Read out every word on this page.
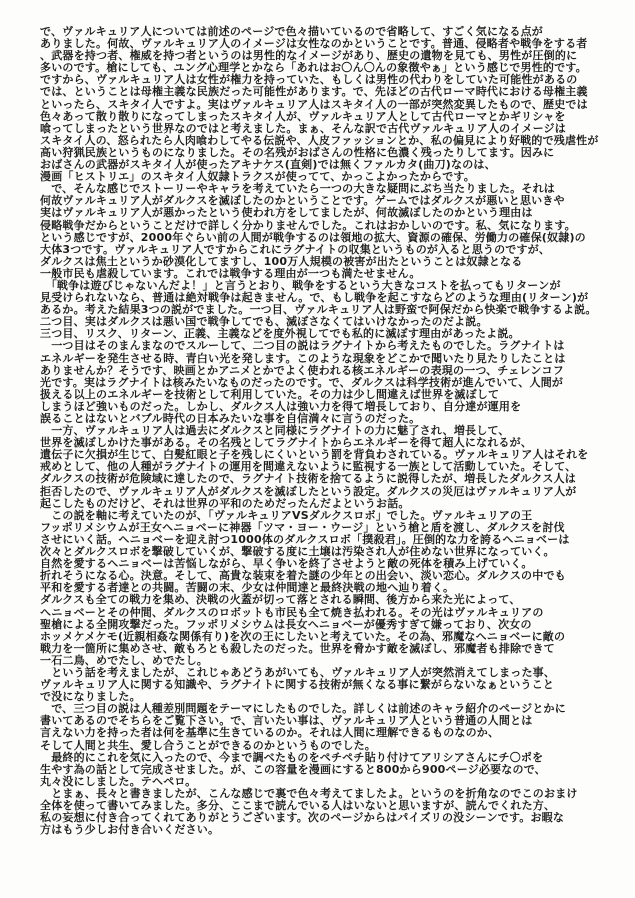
で、ヴァルキュリア人については前述のページで色々描いているので省略して、すごく気になる点が
ありました。何故、ヴァルキュリア人のイメージは女性なのかということです。普通、侵略者や戦争をする者
、武器を持つ者、権威を持つ者というのは男性的なイメージがあり、歴史の遺物を見ても、男性が圧倒的に
多いのです。槍にしても、ユング心理学とかなら「あれはお〇ん〇んの象徴やぁ」という感じで男性的です。
ですから、ヴァルキュリア人は女性が権力を持っていた、もしくは男性の代わりをしていた可能性があるの
では、ということは母権主義な民族だった可能性があります。で、先ほどの古代ローマ時代における母権主義
といったら、スキタイ人ですよ。実はヴァルキュリア人はスキタイ人の一部が突然変異したもので、歴史では
色々あって散り散りになってしまったスキタイ人が、ヴァルキュリア人として古代ローマとかギリシャを
喰ってしまったという世界なのではと考えました。まぁ、そんな訳で古代ヴァルキュリア人のイメージは
スキタイ人の、怒られたら人肉喰わしてやる伝説や、人皮ファッションとか、私の偏見により好戦的で残虐性が
高い狩猟民族というものになりました。その名残がおばさんの性格に色濃く残ったりしてます。因みに
おばさんの武器がスキタイ人が使ったアキナケス(直剣)では無くファルカタ(曲刀)なのは、
漫画「ヒストリエ」のスキタイ人奴隷トラクスが使ってて、かっこよかったからです。
　で、そんな感じでストーリーやキャラを考えていたら一つの大きな疑問にぶち当たりました。それは
何故ヴァルキュリア人がダルクスを滅ぼしたのかということです。ゲームではダルクスが悪いと思いきや
実はヴァルキュリア人が悪かったという使われ方をしてましたが、何故滅ぼしたのかという理由は
侵略戦争だからということだけで詳しく分かりませんでした。これはおかしいのです。私、気になります。
という感じですが、2000年ぐらい前の人間が戦争するのは領地の拡大、資源の確保、労働力の確保(奴隷)の
大体3つです。ヴァルキュリア人ですからこれにラグナイトの収集というものが入ると思うのですが、
ダルクスは焦土というか砂漠化してますし、100万人規模の被害が出たということは奴隷となる
一般市民も虐殺しています。これでは戦争する理由が一つも満たせません。
　「戦争は遊びじゃないんだよ！」と言うとおり、戦争をするという大きなコストを払ってもリターンが
見受けられないなら、普通は絶対戦争は起きません。で、もし戦争を起こすならどのような理由(リターン)が
あるか。考えた結果3つの説がでました。一つ目、ヴァルキュリア人は野蛮で阿保だから快楽で戦争するよ説。
二つ目、実はダルクスは悪い国で戦争してでも、滅ぼさなくてはいけなかったのだよ説。
三つ目、リスク、リターン、正義、主義などを度外視してでも私的に滅ぼす理由があったよ説。
　一つ目はそのまんまなのでスルーして、二つ目の説はラグナイトから考えたものでした。ラグナイトは
エネルギーを発生させる時、青白い光を発します。このような現象をどこかで聞いたり見たりしたことは
ありませんか？そうです、映画とかアニメとかでよく使われる核エネルギーの表現の一つ、チェレンコフ
光です。実はラグナイトは核みたいなものだったのです。で、ダルクスは科学技術が進んでいて、人間が
扱える以上のエネルギーを技術として利用していた。その力は少し間違えば世界を滅ぼして
しまうほど強いものだった。しかし、ダルクス人は強い力を得て増長しており、自分達が運用を
誤ることはないとバブル時代の日本みたいな事を自信満々に言うのだった。
　一方、ヴァルキュリア人は過去にダルクスと同様にラグナイトの力に魅了され、増長して、
世界を滅ぼしかけた事がある。その名残としてラグナイトからエネルギーを得て超人になれるが、
遺伝子に欠損が生じて、白髪紅眼と子を残しにくいという罰を背負わされている。ヴァルキュリア人はそれを
戒めとして、他の人種がラグナイトの運用を間違えないように監視する一族として活動していた。そして、
ダルクスの技術が危険域に達したので、ラグナイト技術を捨てるように説得したが、増長したダルクス人は
拒否したので、ヴァルキュリア人がダルクスを滅ぼしたという設定。ダルクスの災厄はヴァルキュリア人が
起こしたものだけど、それは世界の平和のためだったんだよというお話。
　この説を軸に考えていたのが、「ヴァルキュリアVSダルクスロボ」でした。ヴァルキュリアの王
フッポリメシウムが王女ヘニョベーに神器「ツマ・ヨー・ウージ」という槍と盾を渡し、ダルクスを討伐
させにいく話。ヘニョベーを迎え討つ1000体のダルクスロボ「撲殺君」。圧倒的な力を誇るヘニョベーは
次々とダルクスロボを撃破していくが、撃破する度に土壌は汚染され人が住めない世界になっていく。
自然を愛するヘニョベーは苦悩しながら、早く争いを終了させようと敵の死体を積み上げていく。
折れそうになる心。決意。そして、高貴な装束を着た謎の少年との出会い、淡い恋心。ダルクスの中でも
平和を愛する者達との共闘。苦闘の末、少女は仲間達と最終決戦の地へ辿り着く。
ダルクスも全ての戦力を集め、決戦の火蓋が切って落とされる瞬間、後方から来た光によって、
ヘニョベーとその仲間、ダルクスのロボットも市民も全て焼き払われる。その光はヴァルキュリアの
聖槍による全開攻撃だった。フッポリメシウムは長女ヘニョベーが優秀すぎて嫌っており、次女の
ホッメケメケモ(近親相姦な関係有り)を次の王にしたいと考えていた。その為、邪魔なヘニョベーに敵の
戦力を一箇所に集めさせ、敵もろとも殺したのだった。世界を脅かす敵を滅ぼし、邪魔者も排除できて
一石二鳥、めでたし、めでたし。
　という話を考えましたが、これじゃあどうあがいても、ヴァルキュリア人が突然消えてしまった事、
ヴァルキュリア人に関する知識や、ラグナイトに関する技術が無くなる事に繋がらないなぁということ
で没になりました。
　で、三つ目の説は人種差別問題をテーマにしたものでした。詳しくは前述のキャラ紹介のページとかに
書いてあるのでそちらをご覧下さい。で、言いたい事は、ヴァルキュリア人という普通の人間とは
言えない力を持った者は何を基準に生きているのか。それは人間に理解できるものなのか、
そして人間と共生、愛し合うことができるのかというものでした。
　最終的にこれを気に入ったので、今まで調べたものをペチペチ貼り付けてアリシアさんにチ〇ポを
生やす為の話として完成させました。が、この容量を漫画にすると800から900ページ必要なので、
丸々没にしました。テヘペロ。
　とまぁ、長々と書きましたが、こんな感じで裏で色々考えてましたよ。というのを折角なのでこのおまけ
全体を使って書いてみました。多分、ここまで読んでいる人はいないと思いますが、読んでくれた方、
私の妄想に付き合ってくれてありがとうございます。次のページからはパイズリの没シーンです。お暇な
方はもう少しお付き合いください。
